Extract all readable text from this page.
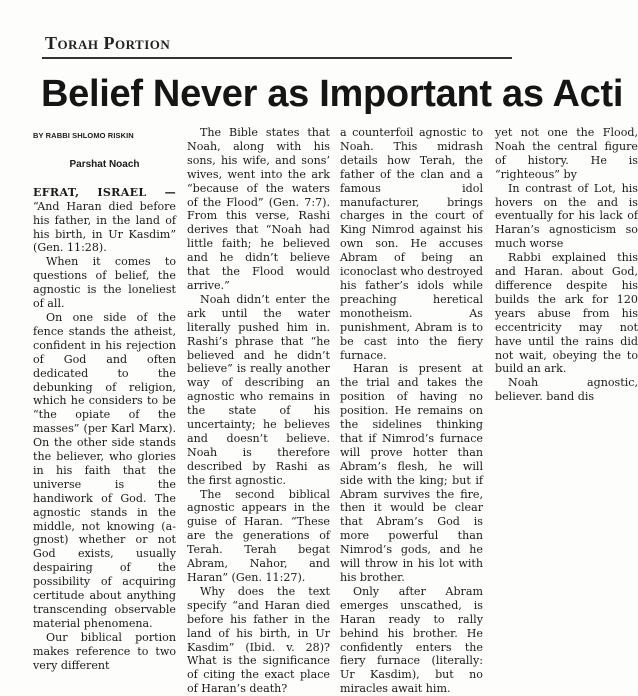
Torah Portion
Belief Never as Important as Acti
BY RABBI SHLOMO RISKIN
Parshat Noach

EFRAT, ISRAEL — “And Haran died before his father, in the land of his birth, in Ur Kasdim” (Gen. 11:28).

When it comes to questions of belief, the agnostic is the loneliest of all.

On one side of the fence stands the atheist, confident in his rejection of God and often dedicated to the debunking of religion, which he considers to be “the opiate of the masses” (per Karl Marx). On the other side stands the believer, who glories in his faith that the universe is the handiwork of God. The agnostic stands in the middle, not knowing (a-gnost) whether or not God exists, usually despairing of the possibility of acquiring certitude about anything transcending observable material phenomena.

Our biblical portion makes reference to two very different

The Bible states that Noah, along with his sons, his wife, and sons’ wives, went into the ark “because of the waters of the Flood” (Gen. 7:7). From this verse, Rashi derives that “Noah had little faith; he believed and he didn’t believe that the Flood would arrive.”

Noah didn’t enter the ark until the water literally pushed him in. Rashi’s phrase that “he believed and he didn’t believe” is really another way of describing an agnostic who remains in the state of his uncertainty; he believes and doesn’t believe. Noah is therefore described by Rashi as the first agnostic.

The second biblical agnostic appears in the guise of Haran. “These are the generations of Terah. Terah begat Abram, Nahor, and Haran” (Gen. 11:27).

Why does the text specify “and Haran died before his father in the land of his birth, in Ur Kasdim” (Ibid. v. 28)? What is the significance of citing the exact place of Haran’s death?

a counterfoil agnostic to Noah. This midrash details how Terah, the father of the clan and a famous idol manufacturer, brings charges in the court of King Nimrod against his own son. He accuses Abram of being an iconoclast who destroyed his father’s idols while preaching heretical monotheism. As punishment, Abram is to be cast into the fiery furnace.

Haran is present at the trial and takes the position of having no position. He remains on the sidelines thinking that if Nimrod’s furnace will prove hotter than Abram’s flesh, he will side with the king; but if Abram survives the fire, then it would be clear that Abram’s God is more powerful than Nimrod’s gods, and he will throw in his lot with his brother.

Only after Abram emerges unscathed, is Haran ready to rally behind his brother. He confidently enters the fiery furnace (literally: Ur Kasdim), but no miracles await him.

yet not one the Flood, Noah the central figure of history. He is “righteous” by

In contrast of Lot, his hovers on the and is eventually for his lack of Haran’s agnosticism so much worse

Rabbi explained this and Haran. about God, difference despite his builds the ark for 120 years abuse from his eccentricity may not have until the rains did not wait, obeying the to build an ark.

Noah agnostic, believer. band dis
